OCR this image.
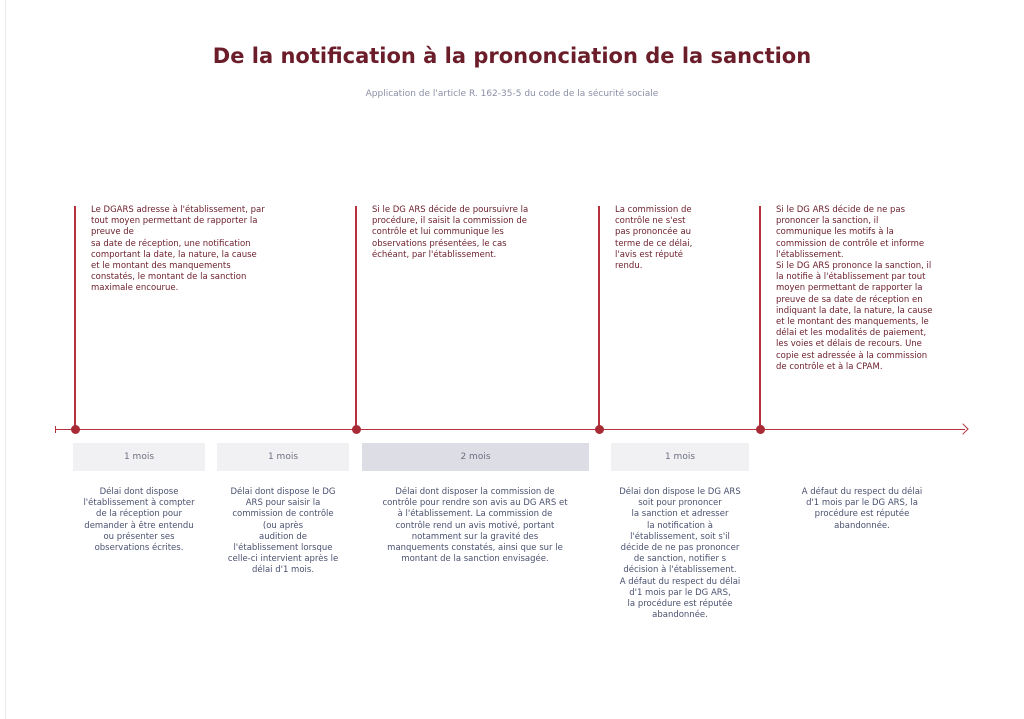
De la notification à la prononciation de la sanction
Application de l'article R. 162-35-5 du code de la sécurité sociale
Le DGARS adresse à l'établissement, par
tout moyen permettant de rapporter la
preuve de
sa date de réception, une notification
comportant la date, la nature, la cause
et le montant des manquements
constatés, le montant de la sanction
maximale encourue.
Si le DG ARS décide de poursuivre la
procédure, il saisit la commission de
contrôle et lui communique les
observations présentées, le cas
échéant, par l'établissement.
La commission de
contrôle ne s'est
pas prononcée au
terme de ce délai,
l'avis est réputé
rendu.
Si le DG ARS décide de ne pas
prononcer la sanction, il
communique les motifs à la
commission de contrôle et informe
l'établissement.
Si le DG ARS prononce la sanction, il
la notifie à l'établissement par tout
moyen permettant de rapporter la
preuve de sa date de réception en
indiquant la date, la nature, la cause
et le montant des manquements, le
délai et les modalités de paiement,
les voies et délais de recours. Une
copie est adressée à la commission
de contrôle et à la CPAM.
1 mois	1 mois	2 mois	1 mois
Délai dont dispose
l'établissement à compter
de la réception pour
demander à être entendu
ou présenter ses
observations écrites.
Délai dont dispose le DG
ARS pour saisir la
commission de contrôle
(ou après
audition de
l'établissement lorsque
celle-ci intervient après le
délai d'1 mois.
Délai dont disposer la commission de
contrôle pour rendre son avis au DG ARS et
à l'établissement. La commission de
contrôle rend un avis motivé, portant
notamment sur la gravité des
manquements constatés, ainsi que sur le
montant de la sanction envisagée.
Délai don dispose le DG ARS
soit pour prononcer
la sanction et adresser
la notification à
l'établissement, soit s'il
décide de ne pas prononcer
de sanction, notifier s
décision à l'établissement.
A défaut du respect du délai
d'1 mois par le DG ARS,
la procédure est réputée
abandonnée.
A défaut du respect du délai
d'1 mois par le DG ARS, la
procédure est réputée
abandonnée.
